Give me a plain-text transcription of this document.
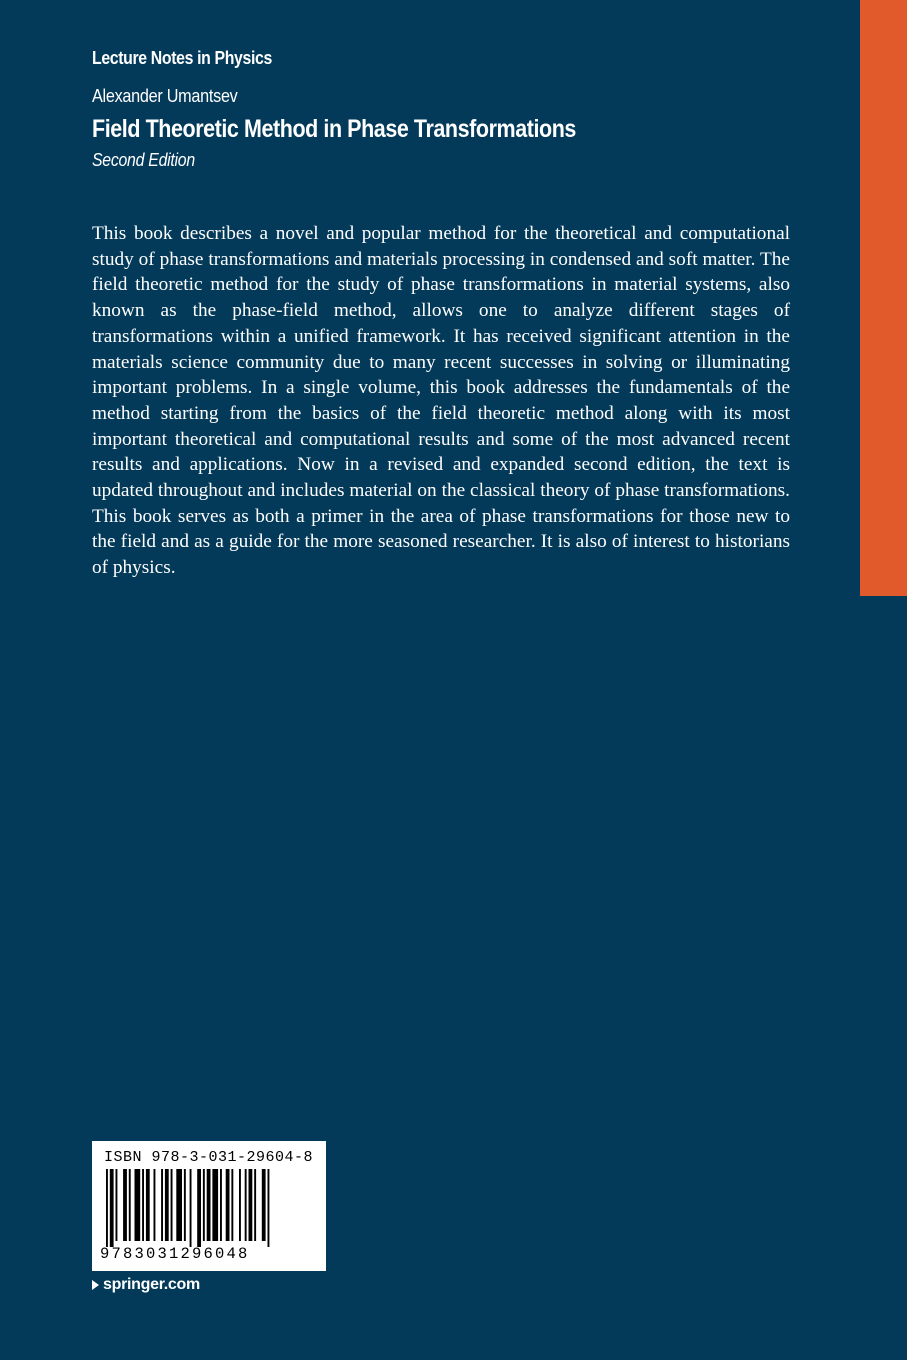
Lecture Notes in Physics
Alexander Umantsev
Field Theoretic Method in Phase Transformations
Second Edition

This book describes a novel and popular method for the theoretical and computational study of phase transformations and materials processing in condensed and soft matter. The field theoretic method for the study of phase transformations in material systems, also known as the phase-field method, allows one to analyze different stages of transformations within a unified framework. It has received significant attention in the materials science community due to many recent successes in solving or illuminating important problems. In a single volume, this book addresses the fundamentals of the method starting from the basics of the field theoretic method along with its most important theoretical and computational results and some of the most advanced recent results and applications. Now in a revised and expanded second edition, the text is updated throughout and includes material on the classical theory of phase transformations. This book serves as both a primer in the area of phase transformations for those new to the field and as a guide for the more seasoned researcher. It is also of interest to historians of physics.

ISBN 978-3-031-29604-8
9783031296048
springer.com
